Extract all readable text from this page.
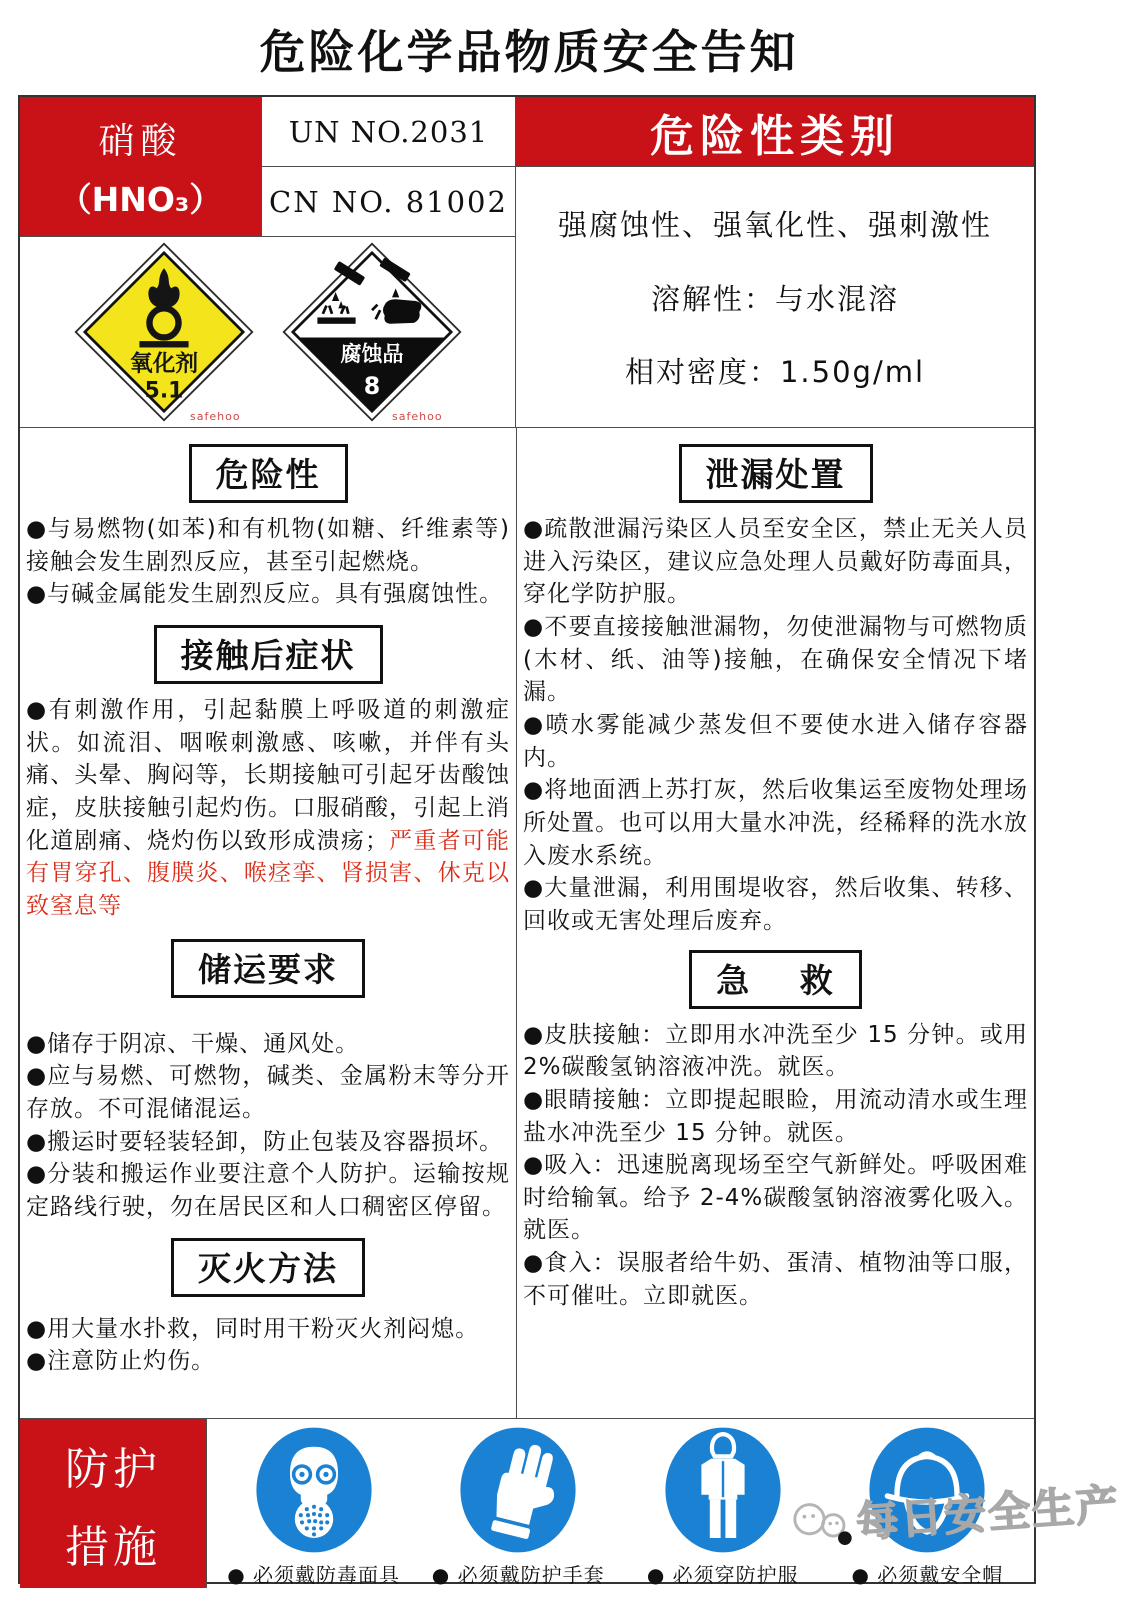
危险化学品物质安全告知
硝酸
（HNO₃）
UN NO.2031
CN NO. 81002
危险性类别
强腐蚀性、强氧化性、强刺激性
溶解性：与水混溶
相对密度：1.50g/ml
氧化剂
5.1
腐蚀品
8
safehoo	safehoo
危险性
●与易燃物(如苯)和有机物(如糖、纤维素等)接触会发生剧烈反应，甚至引起燃烧。
●与碱金属能发生剧烈反应。具有强腐蚀性。
接触后症状
●有刺激作用，引起黏膜上呼吸道的刺激症状。如流泪、咽喉刺激感、咳嗽，并伴有头痛、头晕、胸闷等，长期接触可引起牙齿酸蚀症，皮肤接触引起灼伤。口服硝酸，引起上消化道剧痛、烧灼伤以致形成溃疡；严重者可能有胃穿孔、腹膜炎、喉痉挛、肾损害、休克以致窒息等
储运要求
●储存于阴凉、干燥、通风处。
●应与易燃、可燃物，碱类、金属粉末等分开存放。不可混储混运。
●搬运时要轻装轻卸，防止包装及容器损坏。
●分装和搬运作业要注意个人防护。运输按规定路线行驶，勿在居民区和人口稠密区停留。
灭火方法
●用大量水扑救，同时用干粉灭火剂闷熄。
●注意防止灼伤。
泄漏处置
●疏散泄漏污染区人员至安全区，禁止无关人员进入污染区，建议应急处理人员戴好防毒面具，穿化学防护服。
●不要直接接触泄漏物，勿使泄漏物与可燃物质(木材、纸、油等)接触，在确保安全情况下堵漏。
●喷水雾能减少蒸发但不要使水进入储存容器内。
●将地面洒上苏打灰，然后收集运至废物处理场所处置。也可以用大量水冲洗，经稀释的洗水放入废水系统。
●大量泄漏，利用围堤收容，然后收集、转移、回收或无害处理后废弃。
急　 救
●皮肤接触：立即用水冲洗至少 15 分钟。或用2%碳酸氢钠溶液冲洗。就医。
●眼睛接触：立即提起眼睑，用流动清水或生理盐水冲洗至少 15 分钟。就医。
●吸入：迅速脱离现场至空气新鲜处。呼吸困难时给输氧。给予 2-4%碳酸氢钠溶液雾化吸入。就医。
●食入：误服者给牛奶、蛋清、植物油等口服，不可催吐。立即就医。
防护
措施
● 必须戴防毒面具 ● 必须戴防护手套 ● 必须穿防护服	● 必须戴安全帽
